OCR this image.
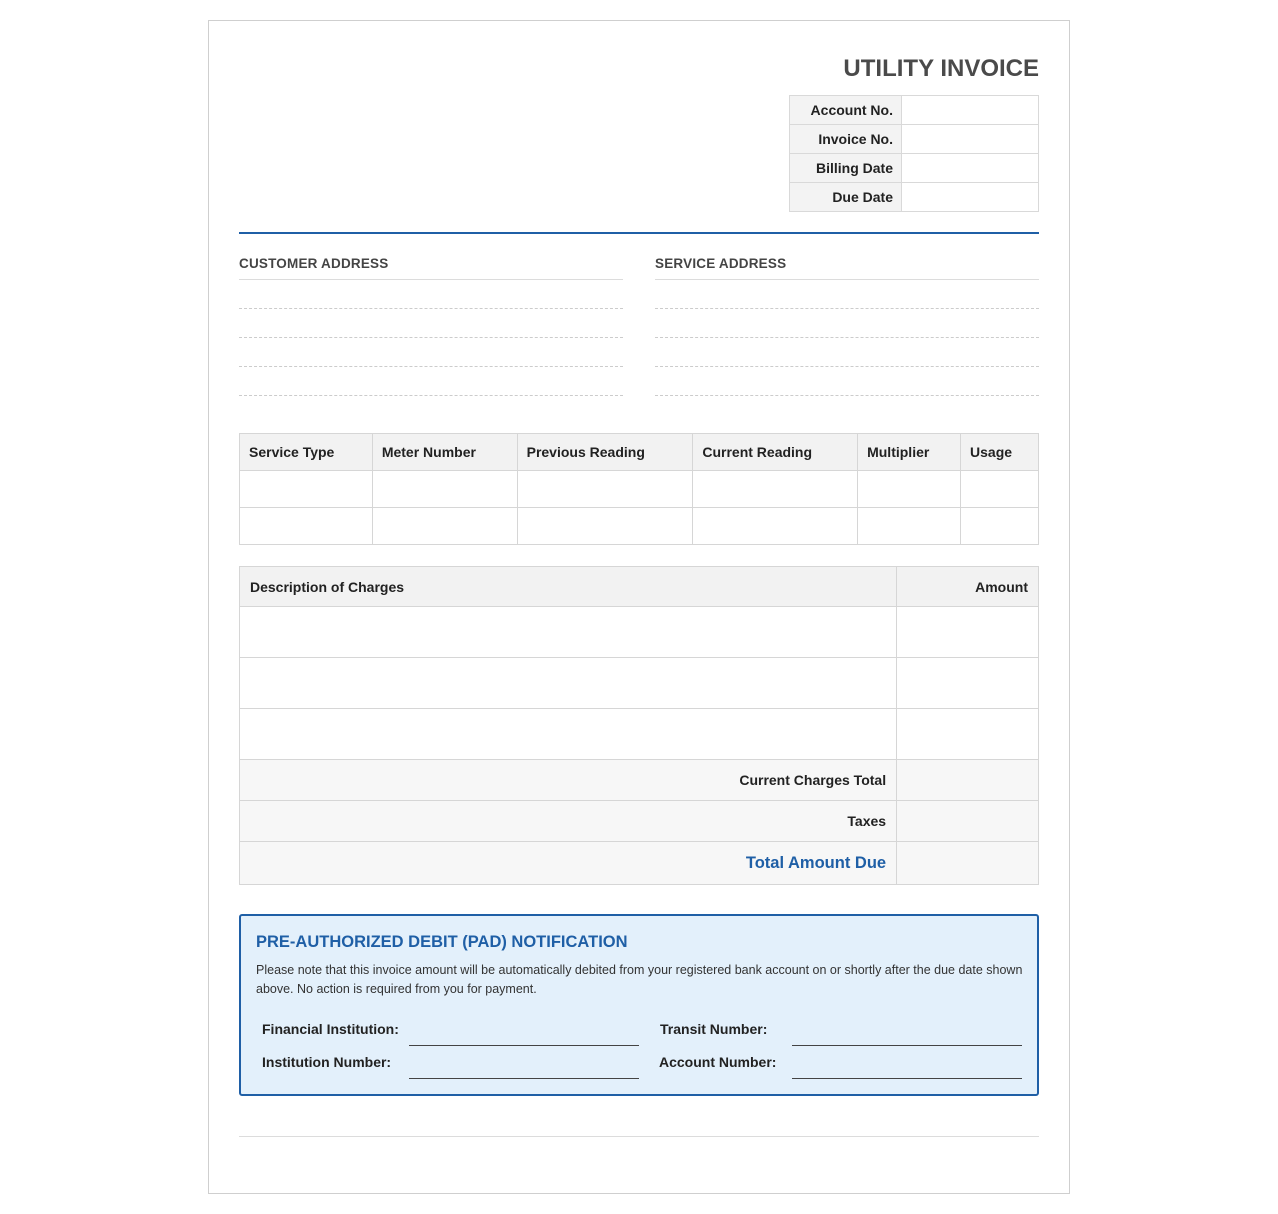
UTILITY INVOICE
Account No.	
Invoice No.	
Billing Date	
Due Date	
CUSTOMER ADDRESS	SERVICE ADDRESS
Service Type	Meter Number	Previous Reading	Current Reading	Multiplier	Usage

Description of Charges	Amount

Current Charges Total	
Taxes	
Total Amount Due	
PRE-AUTHORIZED DEBIT (PAD) NOTIFICATION
Please note that this invoice amount will be automatically debited from your registered bank account on or shortly after the due date shown above. No action is required from you for payment.
Financial Institution:	Transit Number:
Institution Number:	Account Number:
